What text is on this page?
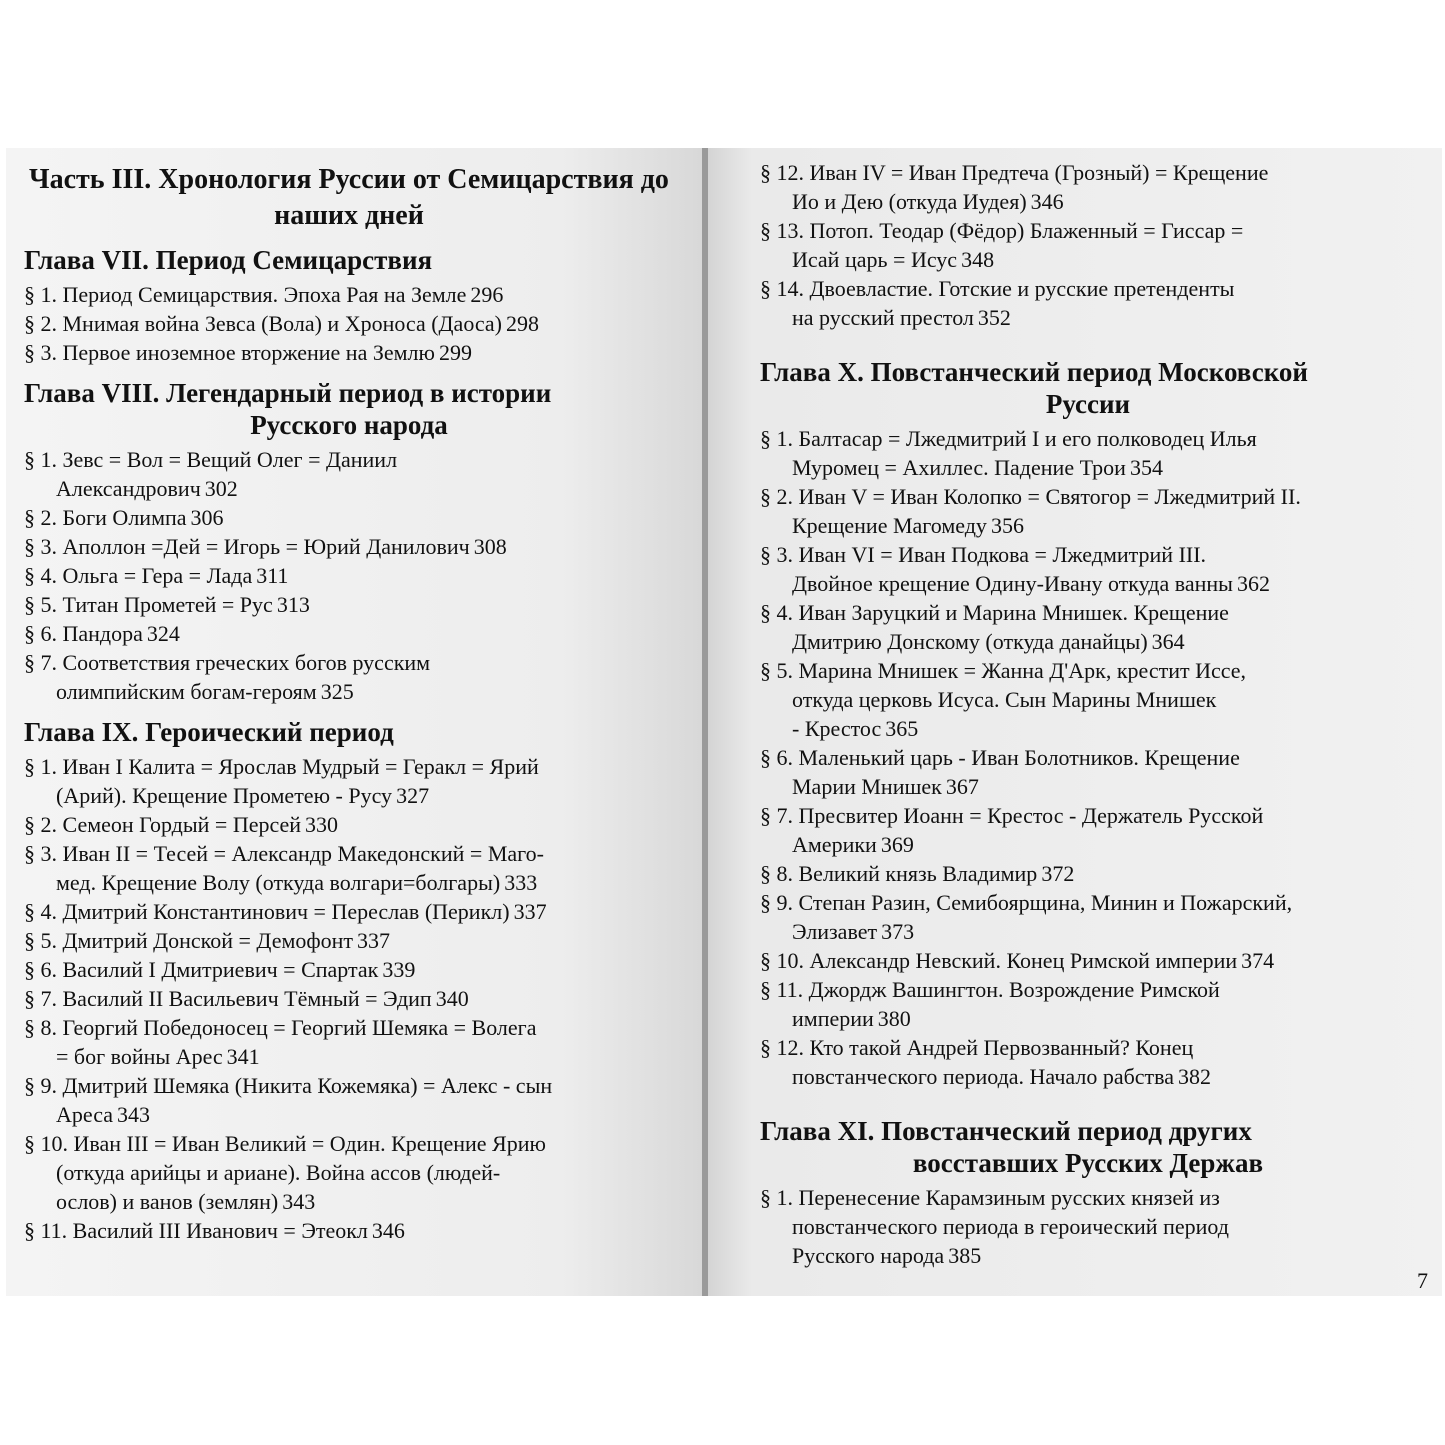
Часть III. Хронология Руссии от Семицарствия до наших дней
Глава VII. Период Семицарствия
§ 1. Период Семицарствия. Эпоха Рая на Земле 296
§ 2. Мнимая война Зевса (Вола) и Хроноса (Даоса) 298
§ 3. Первое иноземное вторжение на Землю 299
Глава VIII. Легендарный период в истории
Русского народа
§ 1. Зевс = Вол = Вещий Олег = Даниил
Александрович 302
§ 2. Боги Олимпа 306
§ 3. Аполлон =Дей = Игорь = Юрий Данилович 308
§ 4. Ольга = Гера = Лада 311
§ 5. Титан Прометей = Рус 313
§ 6. Пандора 324
§ 7. Соответствия греческих богов русским
олимпийским богам-героям 325
Глава IX. Героический период
§ 1. Иван I Калита = Ярослав Мудрый = Геракл = Ярий
(Арий). Крещение Прометею - Русу 327
§ 2. Семеон Гордый = Персей 330
§ 3. Иван II = Тесей = Александр Македонский = Маго-
мед. Крещение Волу (откуда волгари=болгары) 333
§ 4. Дмитрий Константинович = Переслав (Перикл) 337
§ 5. Дмитрий Донской = Демофонт 337
§ 6. Василий I Дмитриевич = Спартак 339
§ 7. Василий II Васильевич Тёмный = Эдип 340
§ 8. Георгий Победоносец = Георгий Шемяка = Волега
= бог войны Арес 341
§ 9. Дмитрий Шемяка (Никита Кожемяка) = Алекс - сын
Ареса 343
§ 10. Иван III = Иван Великий = Один. Крещение Ярию
(откуда арийцы и ариане). Война ассов (людей-
ослов) и ванов (землян) 343
§ 11. Василий III Иванович = Этеокл 346
§ 12. Иван IV = Иван Предтеча (Грозный) = Крещение
Ио и Дею (откуда Иудея) 346
§ 13. Потоп. Теодар (Фёдор) Блаженный = Гиссар =
Исай царь = Исус 348
§ 14. Двоевластие. Готские и русские претенденты
на русский престол 352
Глава X. Повстанческий период Московской
Руссии
§ 1. Балтасар = Лжедмитрий I и его полководец Илья
Муромец = Ахиллес. Падение Трои 354
§ 2. Иван V = Иван Колопко = Святогор = Лжедмитрий II.
Крещение Магомеду 356
§ 3. Иван VI = Иван Подкова = Лжедмитрий III.
Двойное крещение Одину-Ивану откуда ванны 362
§ 4. Иван Заруцкий и Марина Мнишек. Крещение
Дмитрию Донскому (откуда данайцы) 364
§ 5. Марина Мнишек = Жанна Д'Арк, крестит Иссе,
откуда церковь Исуса. Сын Марины Мнишек
- Крестос 365
§ 6. Маленький царь - Иван Болотников. Крещение
Марии Мнишек 367
§ 7. Пресвитер Иоанн = Крестос - Держатель Русской
Америки 369
§ 8. Великий князь Владимир 372
§ 9. Степан Разин, Семибоярщина, Минин и Пожарский,
Элизавет 373
§ 10. Александр Невский. Конец Римской империи 374
§ 11. Джордж Вашингтон. Возрождение Римской
империи 380
§ 12. Кто такой Андрей Первозванный? Конец
повстанческого периода. Начало рабства 382
Глава XI. Повстанческий период других
восставших Русских Держав
§ 1. Перенесение Карамзиным русских князей из
повстанческого периода в героический период
Русского народа 385
7
